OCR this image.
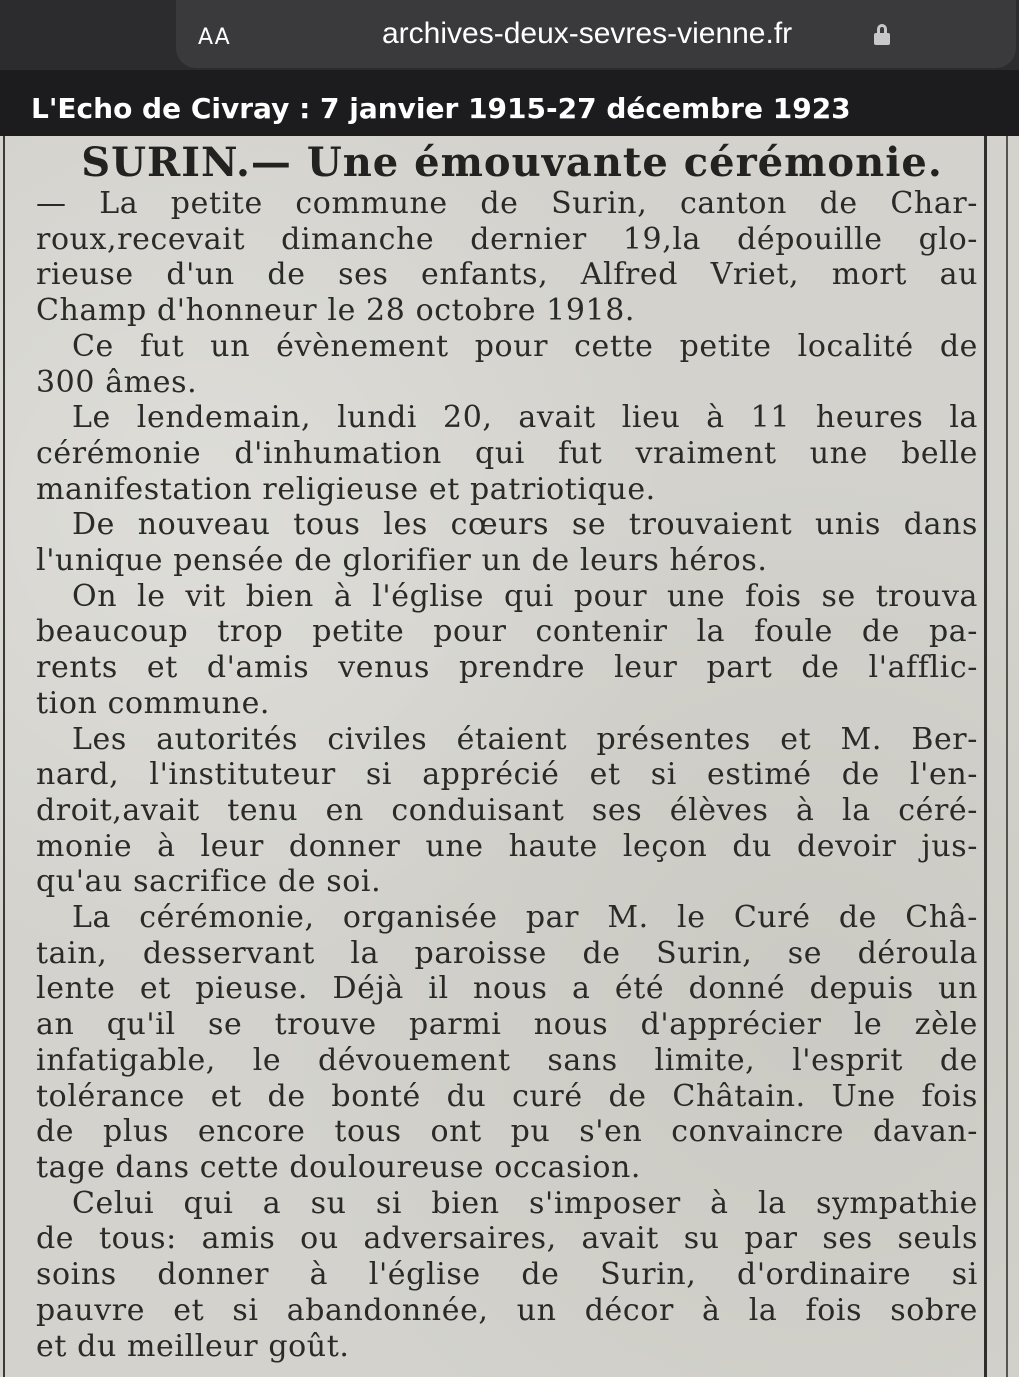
AA	archives-deux-sevres-vienne.fr
L'Echo de Civray : 7 janvier 1915-27 décembre 1923
SURIN.— Une émouvante cérémonie.
— La petite commune de Surin, canton de Char-
roux,recevait dimanche dernier 19,la dépouille glo-
rieuse d'un de ses enfants, Alfred Vriet, mort au
Champ d'honneur le 28 octobre 1918.
Ce fut un évènement pour cette petite localité de
300 âmes.
Le lendemain, lundi 20, avait lieu à 11 heures la
cérémonie d'inhumation qui fut vraiment une belle
manifestation religieuse et patriotique.
De nouveau tous les cœurs se trouvaient unis dans
l'unique pensée de glorifier un de leurs héros.
On le vit bien à l'église qui pour une fois se trouva
beaucoup trop petite pour contenir la foule de pa-
rents et d'amis venus prendre leur part de l'afflic-
tion commune.
Les autorités civiles étaient présentes et M. Ber-
nard, l'instituteur si apprécié et si estimé de l'en-
droit,avait tenu en conduisant ses élèves à la céré-
monie à leur donner une haute leçon du devoir jus-
qu'au sacrifice de soi.
La cérémonie, organisée par M. le Curé de Châ-
tain, desservant la paroisse de Surin, se déroula
lente et pieuse. Déjà il nous a été donné depuis un
an qu'il se trouve parmi nous d'apprécier le zèle
infatigable, le dévouement sans limite, l'esprit de
tolérance et de bonté du curé de Châtain. Une fois
de plus encore tous ont pu s'en convaincre davan-
tage dans cette douloureuse occasion.
Celui qui a su si bien s'imposer à la sympathie
de tous: amis ou adversaires, avait su par ses seuls
soins donner à l'église de Surin, d'ordinaire si
pauvre et si abandonnée, un décor à la fois sobre
et du meilleur goût.
